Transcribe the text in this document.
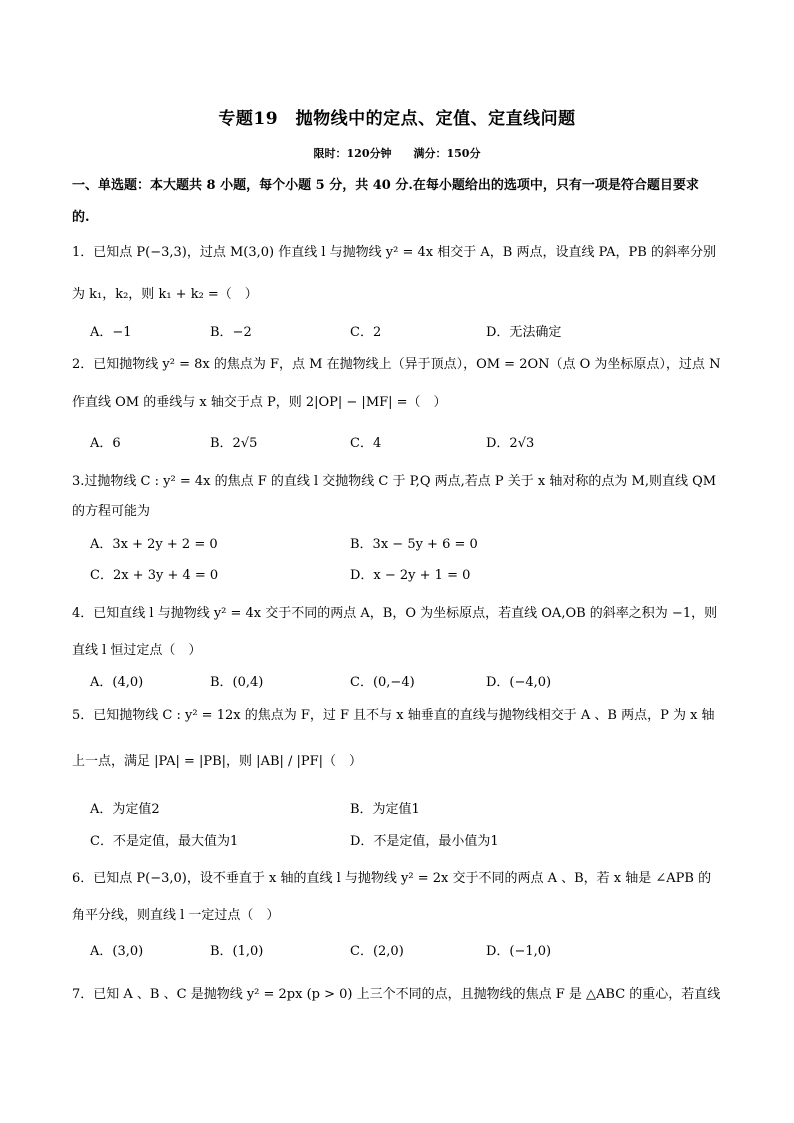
专题19　抛物线中的定点、定值、定直线问题
限时：120分钟　　满分：150分
一、单选题：本大题共 8 小题，每个小题 5 分，共 40 分.在每小题给出的选项中，只有一项是符合题目要求
的.
1．已知点 P(−3,3)，过点 M(3,0) 作直线 l 与抛物线 y² = 4x 相交于 A，B 两点，设直线 PA，PB 的斜率分别
为 k₁，k₂，则 k₁ + k₂ =（　）
A．−1	B．−2	C．2	D．无法确定
2．已知抛物线 y² = 8x 的焦点为 F，点 M 在抛物线上（异于顶点），OM = 2ON（点 O 为坐标原点），过点 N
作直线 OM 的垂线与 x 轴交于点 P，则 2|OP| − |MF| =（　）
A．6	B．2√5	C．4	D．2√3
3.过抛物线 C : y² = 4x 的焦点 F 的直线 l 交抛物线 C 于 P,Q 两点,若点 P 关于 x 轴对称的点为 M,则直线 QM
的方程可能为
A．3x + 2y + 2 = 0	B．3x − 5y + 6 = 0
C．2x + 3y + 4 = 0	D．x − 2y + 1 = 0
4．已知直线 l 与抛物线 y² = 4x 交于不同的两点 A，B，O 为坐标原点，若直线 OA,OB 的斜率之积为 −1，则
直线 l 恒过定点（　）
A．(4,0)	B．(0,4)	C．(0,−4)	D．(−4,0)
5．已知抛物线 C : y² = 12x 的焦点为 F，过 F 且不与 x 轴垂直的直线与抛物线相交于 A 、B 两点，P 为 x 轴
上一点，满足 |PA| = |PB|，则 |AB| / |PF|（　）
A．为定值2	B．为定值1
C．不是定值，最大值为1	D．不是定值，最小值为1
6．已知点 P(−3,0)，设不垂直于 x 轴的直线 l 与抛物线 y² = 2x 交于不同的两点 A 、B，若 x 轴是 ∠APB 的
角平分线，则直线 l 一定过点（　）
A．(3,0)	B．(1,0)	C．(2,0)	D．(−1,0)
7．已知 A 、B 、C 是抛物线 y² = 2px (p > 0) 上三个不同的点，且抛物线的焦点 F 是 △ABC 的重心，若直线
